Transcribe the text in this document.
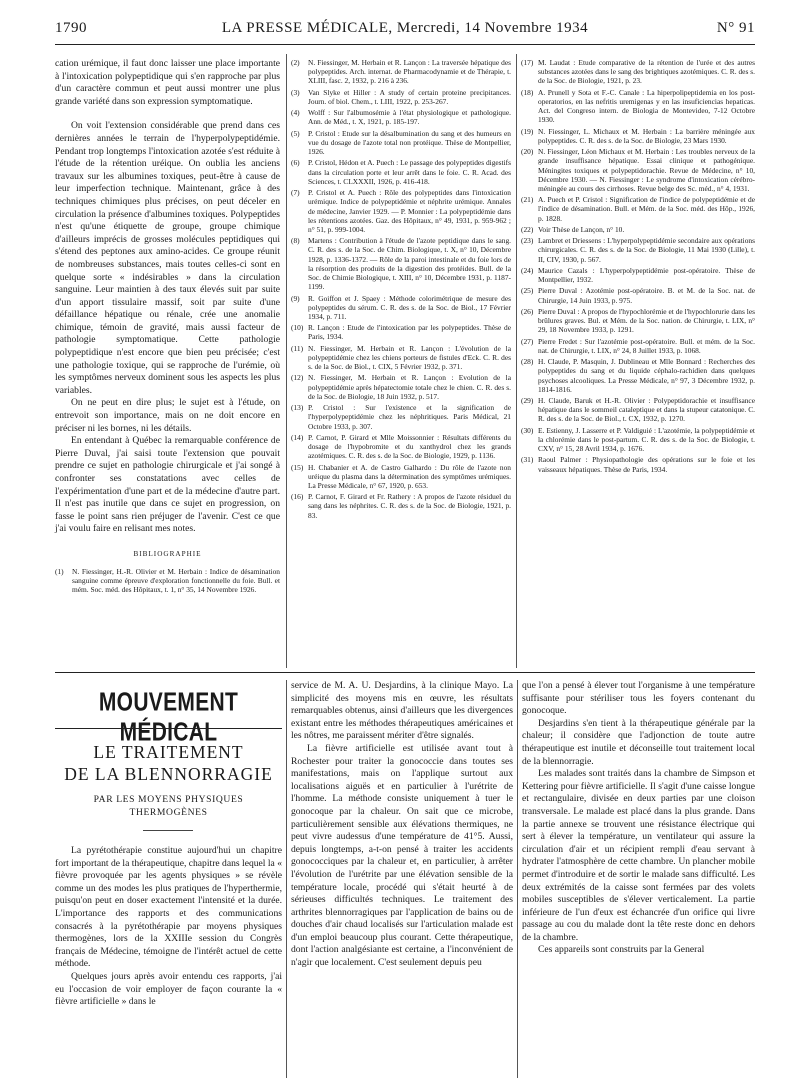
1790	LA PRESSE MÉDICALE, Mercredi, 14 Novembre 1934	N° 91

cation urémique, il faut donc laisser une place importante à l'intoxication polypeptidique qui s'en rapproche par plus d'un caractère commun et peut aussi montrer une plus grande variété dans son expression symptomatique.

On voit l'extension considérable que prend dans ces dernières années le terrain de l'hyperpolypeptidémie. Pendant trop longtemps l'intoxication azotée s'est réduite à l'étude de la rétention uréique. On oublia les anciens travaux sur les albumines toxiques, peut-être à cause de leur imperfection technique. Maintenant, grâce à des techniques chimiques plus précises, on peut déceler en circulation la présence d'albumines toxiques. Polypeptides n'est qu'une étiquette de groupe, groupe chimique d'ailleurs imprécis de grosses molécules peptidiques qui s'étend des peptones aux amino-acides. Ce groupe réunit de nombreuses substances, mais toutes celles-ci sont en quelque sorte « indésirables » dans la circulation sanguine. Leur maintien à des taux élevés suit par suite d'un apport tissulaire massif, soit par suite d'une défaillance hépatique ou rénale, crée une anomalie chimique, témoin de gravité, mais aussi facteur de pathologie symptomatique. Cette pathologie polypeptidique n'est encore que bien peu précisée; c'est une pathologie toxique, qui se rapproche de l'urémie, où les symptômes nerveux dominent sous les aspects les plus variables.

On ne peut en dire plus; le sujet est à l'étude, on entrevoit son importance, mais on ne doit encore en préciser ni les bornes, ni les détails.

En entendant à Québec la remarquable conférence de Pierre Duval, j'ai saisi toute l'extension que pouvait prendre ce sujet en pathologie chirurgicale et j'ai songé à confronter ses constatations avec celles de l'expérimentation d'une part et de la médecine d'autre part. Il n'est pas inutile que dans ce sujet en progression, on fasse le point sans rien préjuger de l'avenir. C'est ce que j'ai voulu faire en relisant mes notes.

BIBLIOGRAPHIE
(1)	N. Fiessinger, H.-R. Olivier et M. Herbain : Indice de désamination sanguine comme épreuve d'exploration fonctionnelle du foie. Bull. et mém. Soc. méd. des Hôpitaux, t. 1, n° 35, 14 Novembre 1926.
(2)	N. Fiessinger, M. Herbain et R. Lançon : La traversée hépatique des polypeptides. Arch. internat. de Pharmacodynamie et de Thérapie, t. XLIII, fasc. 2, 1932, p. 216 à 236.
(3)	Van Slyke et Hiller : A study of certain proteine precipitances. Journ. of biol. Chem., t. LIII, 1922, p. 253-267.
(4)	Wolff : Sur l'albumosémie à l'état physiologique et pathologique. Ann. de Méd., t. X, 1921, p. 185-197.
(5)	P. Cristol : Etude sur la désalbumination du sang et des humeurs en vue du dosage de l'azote total non protéique. Thèse de Montpellier, 1926.
(6)	P. Cristol, Hédon et A. Puech : Le passage des polypeptides digestifs dans la circulation porte et leur arrêt dans le foie. C. R. Acad. des Sciences, t. CLXXXII, 1926, p. 416-418.
(7)	P. Cristol et A. Puech : Rôle des polypeptides dans l'intoxication urémique. Indice de polypeptidémie et néphrite urémique. Annales de médecine, Janvier 1929. — P. Monnier : La polypeptidémie dans les rétentions azotées. Gaz. des Hôpitaux, n° 49, 1931, p. 959-962 ; n° 51, p. 999-1004.
(8)	Martens : Contribution à l'étude de l'azote peptidique dans le sang. C. R. des s. de la Soc. de Chim. Biologique, t. X, n° 10, Décembre 1928, p. 1336-1372. — Rôle de la paroi intestinale et du foie lors de la résorption des produits de la digestion des protéides. Bull. de la Soc. de Chimie Biologique, t. XIII, n° 10, Décembre 1931, p. 1187-1199.
(9)	R. Goiffon et J. Spaey : Méthode colorimétrique de mesure des polypeptides du sérum. C. R. des s. de la Soc. de Biol., 17 Février 1934, p. 711.
(10) R. Lançon : Etude de l'intoxication par les polypeptides. Thèse de Paris, 1934.
(11) N. Fiessinger, M. Herbain et R. Lançon : L'évolution de la polypeptidémie chez les chiens porteurs de fistules d'Eck. C. R. des s. de la Soc. de Biol., t. CIX, 5 Février 1932, p. 371.
(12) N. Fiessinger, M. Herbain et R. Lançon : Evolution de la polypeptidémie après hépatectomie totale chez le chien. C. R. des s. de la Soc. de Biologie, 18 Juin 1932, p. 517.
(13) P. Cristol : Sur l'existence et la signification de l'hyperpolypeptidémie chez les néphritiques. Paris Médical, 21 Octobre 1933, p. 307.
(14) P. Carnot, P. Girard et Mlle Moissonnier : Résultats différents du dosage de l'hypobromite et du xanthydrol chez les grands azotémiques. C. R. des s. de la Soc. de Biologie, 1929, p. 1136.
(15) H. Chabanier et A. de Castro Galhardo : Du rôle de l'azote non uréique du plasma dans la détermination des symptômes urémiques. La Presse Médicale, n° 67, 1920, p. 653.
(16) P. Carnot, F. Girard et Fr. Rathery : A propos de l'azote résiduel du sang dans les néphrites. C. R. des s. de la Soc. de Biologie, 1921, p. 83.
(17) M. Laudat : Etude comparative de la rétention de l'urée et des autres substances azotées dans le sang des brightiques azotémiques. C. R. des s. de la Soc. de Biologie, 1921, p. 23.
(18) A. Prunell y Sota et F.-C. Canale : La hiperpolipeptidemia en los post-operatorios, en las nefritis uremigenas y en las insuficiencias hepaticas. Act. del Congreso intern. de Biologia de Montevideo, 7-12 Octobre 1930.
(19) N. Fiessinger, L. Michaux et M. Herbain : La barrière méningée aux polypeptides. C. R. des s. de la Soc. de Biologie, 23 Mars 1930.
(20) N. Fiessinger, Léon Michaux et M. Herbain : Les troubles nerveux de la grande insuffisance hépatique. Essai clinique et pathogénique. Méningites toxiques et polypeptidorachie. Revue de Médecine, n° 10, Décembre 1930. — N. Fiessinger : Le syndrome d'intoxication cérébro-méningée au cours des cirrhoses. Revue belge des Sc. méd., n° 4, 1931.
(21) A. Puech et P. Cristol : Signification de l'indice de polypeptidémie et de l'indice de désamination. Bull. et Mém. de la Soc. méd. des Hôp., 1926, p. 1828.
(22) Voir Thèse de Lançon, n° 10.
(23) Lambret et Driessens : L'hyperpolypeptidémie secondaire aux opérations chirurgicales. C. R. des s. de la Soc. de Biologie, 11 Mai 1930 (Lille), t. II, CIV, 1930, p. 567.
(24) Maurice Cazals : L'hyperpolypeptidémie post-opératoire. Thèse de Montpellier, 1932.
(25) Pierre Duval : Azotémie post-opératoire. B. et M. de la Soc. nat. de Chirurgie, 14 Juin 1933, p. 975.
(26) Pierre Duval : A propos de l'hypochlorémie et de l'hypochlorurie dans les brûlures graves. Bul. et Mém. de la Soc. nation. de Chirurgie, t. LIX, n° 29, 18 Novembre 1933, p. 1291.
(27) Pierre Fredet : Sur l'azotémie post-opératoire. Bull. et mém. de la Soc. nat. de Chirurgie, t. LIX, n° 24, 8 Juillet 1933, p. 1068.
(28) H. Claude, P. Masquin, J. Dublineau et Mlle Bonnard : Recherches des polypeptides du sang et du liquide céphalo-rachidien dans quelques psychoses alcooliques. La Presse Médicale, n° 97, 3 Décembre 1932, p. 1814-1816.
(29) H. Claude, Baruk et H.-R. Olivier : Polypeptidorachie et insuffisance hépatique dans le sommeil cataleptique et dans la stupeur catatonique. C. R. des s. de la Soc. de Biol., t. CX, 1932, p. 1270.
(30) E. Estienny, J. Lasserre et P. Valdiguié : L'azotémie, la polypeptidémie et la chlorémie dans le post-partum. C. R. des s. de la Soc. de Biologie, t. CXV, n° 15, 28 Avril 1934, p. 1676.
(31) Raoul Palmer : Physiopathologie des opérations sur le foie et les vaisseaux hépatiques. Thèse de Paris, 1934.
MOUVEMENT MÉDICAL
LE TRAITEMENT
DE LA BLENNORRAGIE
PAR LES MOYENS PHYSIQUES
THERMOGÈNES

La pyrétothérapie constitue aujourd'hui un chapitre fort important de la thérapeutique, chapitre dans lequel la « fièvre provoquée par les agents physiques » se révèle comme un des modes les plus pratiques de l'hyperthermie, puisqu'on peut en doser exactement l'intensité et la durée. L'importance des rapports et des communications consacrés à la pyrétothérapie par moyens physiques thermogènes, lors de la XXIIIe session du Congrès français de Médecine, témoigne de l'intérêt actuel de cette méthode.

Quelques jours après avoir entendu ces rapports, j'ai eu l'occasion de voir employer de façon courante la « fièvre artificielle » dans le

service de M. A. U. Desjardins, à la clinique Mayo. La simplicité des moyens mis en œuvre, les résultats remarquables obtenus, ainsi d'ailleurs que les divergences existant entre les méthodes thérapeutiques américaines et les nôtres, me paraissent mériter d'être signalés.

La fièvre artificielle est utilisée avant tout à Rochester pour traiter la gonococcie dans toutes ses manifestations, mais on l'applique surtout aux localisations aiguës et en particulier à l'urétrite de l'homme. La méthode consiste uniquement à tuer le gonocoque par la chaleur. On sait que ce microbe, particulièrement sensible aux élévations thermiques, ne peut vivre audessus d'une température de 41°5. Aussi, depuis longtemps, a-t-on pensé à traiter les accidents gonococciques par la chaleur et, en particulier, à arrêter l'évolution de l'urétrite par une élévation sensible de la température locale, procédé qui s'était heurté à de sérieuses difficultés techniques. Le traitement des arthrites blennorragiques par l'application de bains ou de douches d'air chaud localisés sur l'articulation malade est d'un emploi beaucoup plus courant. Cette thérapeutique, dont l'action analgésiante est certaine, a l'inconvénient de n'agir que localement. C'est seulement depuis peu

que l'on a pensé à élever tout l'organisme à une température suffisante pour stériliser tous les foyers contenant du gonocoque.

Desjardins s'en tient à la thérapeutique générale par la chaleur; il considère que l'adjonction de toute autre thérapeutique est inutile et déconseille tout traitement local de la blennorragie.

Les malades sont traités dans la chambre de Simpson et Kettering pour fièvre artificielle. Il s'agit d'une caisse longue et rectangulaire, divisée en deux parties par une cloison transversale. Le malade est placé dans la plus grande. Dans la partie annexe se trouvent une résistance électrique qui sert à élever la température, un ventilateur qui assure la circulation d'air et un récipient rempli d'eau servant à hydrater l'atmosphère de cette chambre. Un plancher mobile permet d'introduire et de sortir le malade sans difficulté. Les deux extrémités de la caisse sont fermées par des volets mobiles susceptibles de s'élever verticalement. La partie inférieure de l'un d'eux est échancrée d'un orifice qui livre passage au cou du malade dont la tête reste donc en dehors de la chambre.

Ces appareils sont construits par la General
